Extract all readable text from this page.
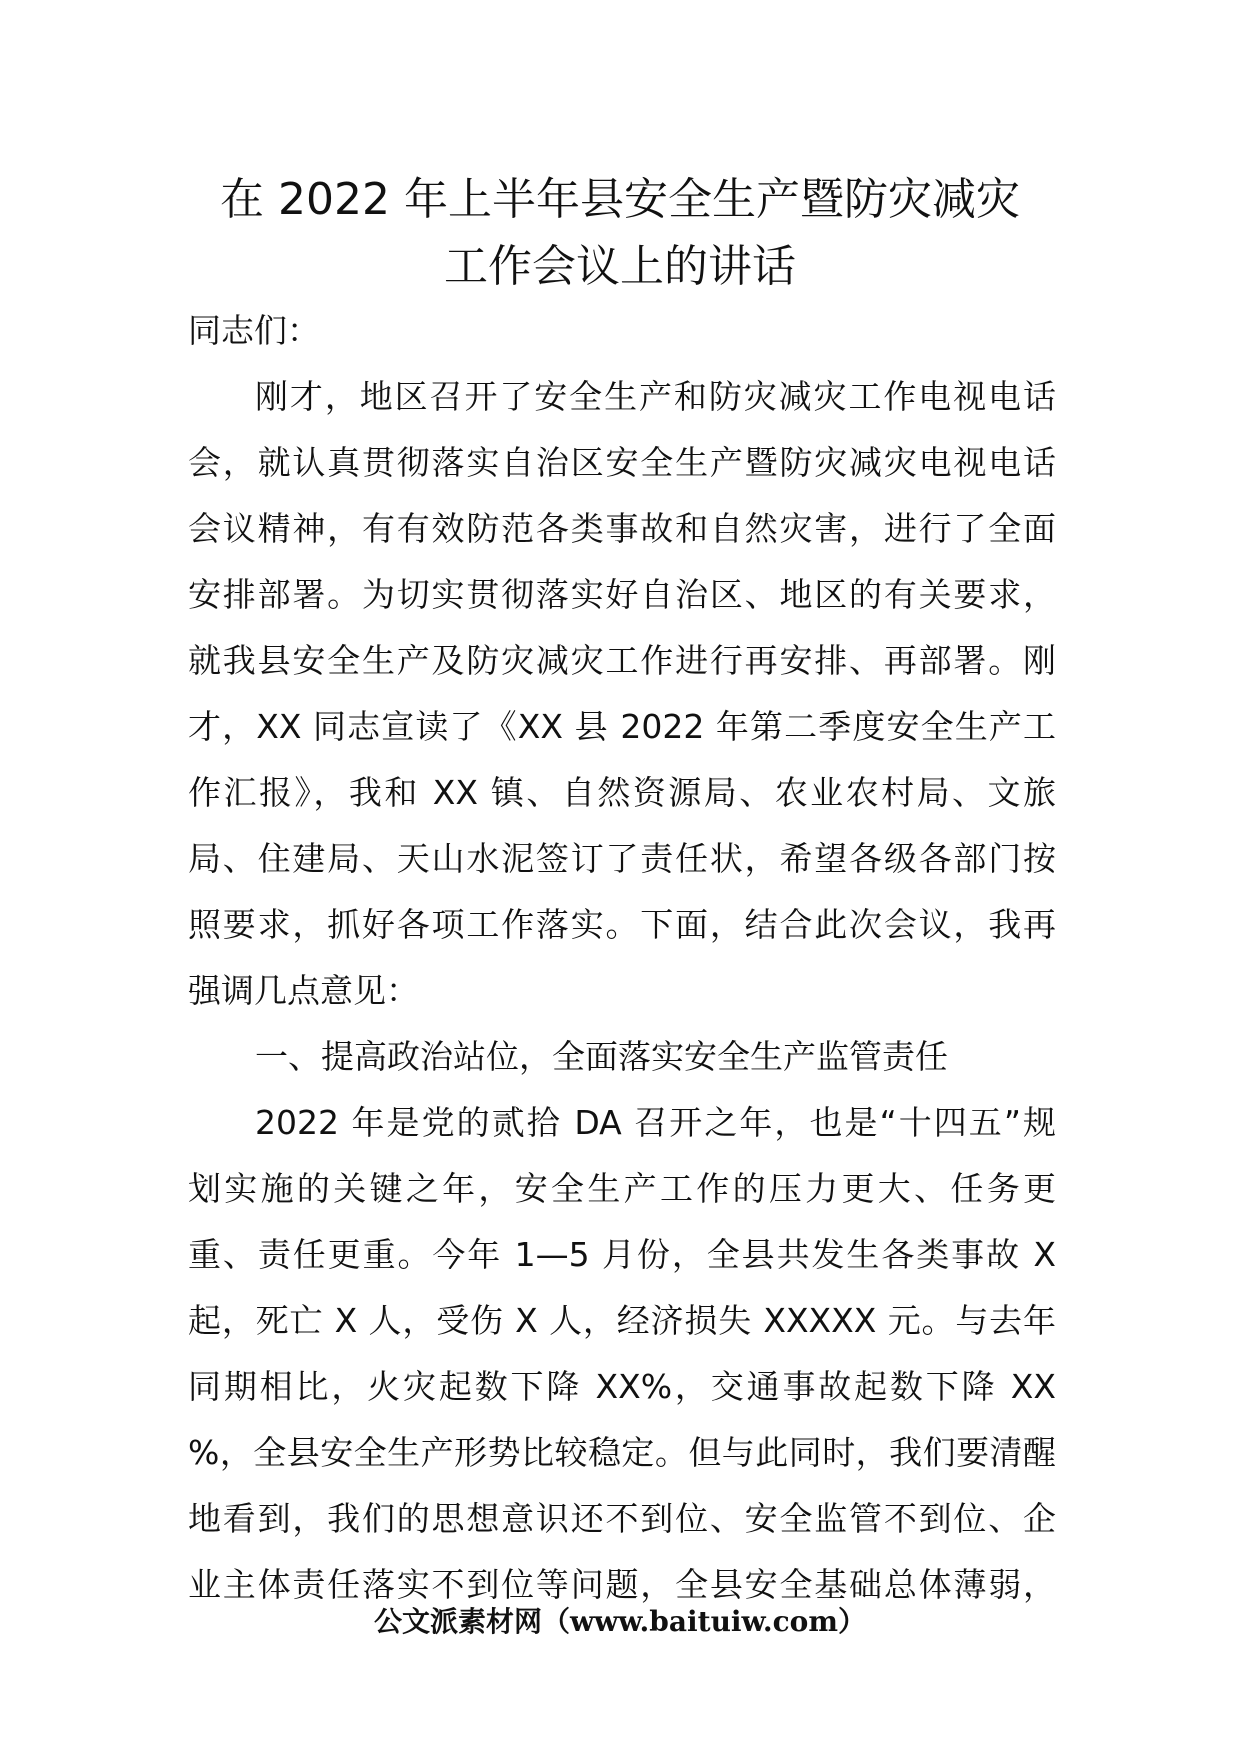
在 2022 年上半年县安全生产暨防灾减灾
工作会议上的讲话
同志们：
刚才，地区召开了安全生产和防灾减灾工作电视电话
会，就认真贯彻落实自治区安全生产暨防灾减灾电视电话
会议精神，有有效防范各类事故和自然灾害，进行了全面
安排部署。为切实贯彻落实好自治区、地区的有关要求，
就我县安全生产及防灾减灾工作进行再安排、再部署。刚
才，XX 同志宣读了《XX 县 2022 年第二季度安全生产工
作汇报》，我和 XX 镇、自然资源局、农业农村局、文旅
局、住建局、天山水泥签订了责任状，希望各级各部门按
照要求，抓好各项工作落实。下面，结合此次会议，我再
强调几点意见：
一、提高政治站位，全面落实安全生产监管责任
2022 年是党的贰拾 DA 召开之年，也是“十四五”规
划实施的关键之年，安全生产工作的压力更大、任务更
重、责任更重。今年 1—5 月份，全县共发生各类事故 X
起，死亡 X 人，受伤 X 人，经济损失 XXXXX 元。与去年
同期相比，火灾起数下降 XX%，交通事故起数下降 XX
%，全县安全生产形势比较稳定。但与此同时，我们要清醒
地看到，我们的思想意识还不到位、安全监管不到位、企
业主体责任落实不到位等问题，全县安全基础总体薄弱，
公文派素材网（www.baituiw.com）
